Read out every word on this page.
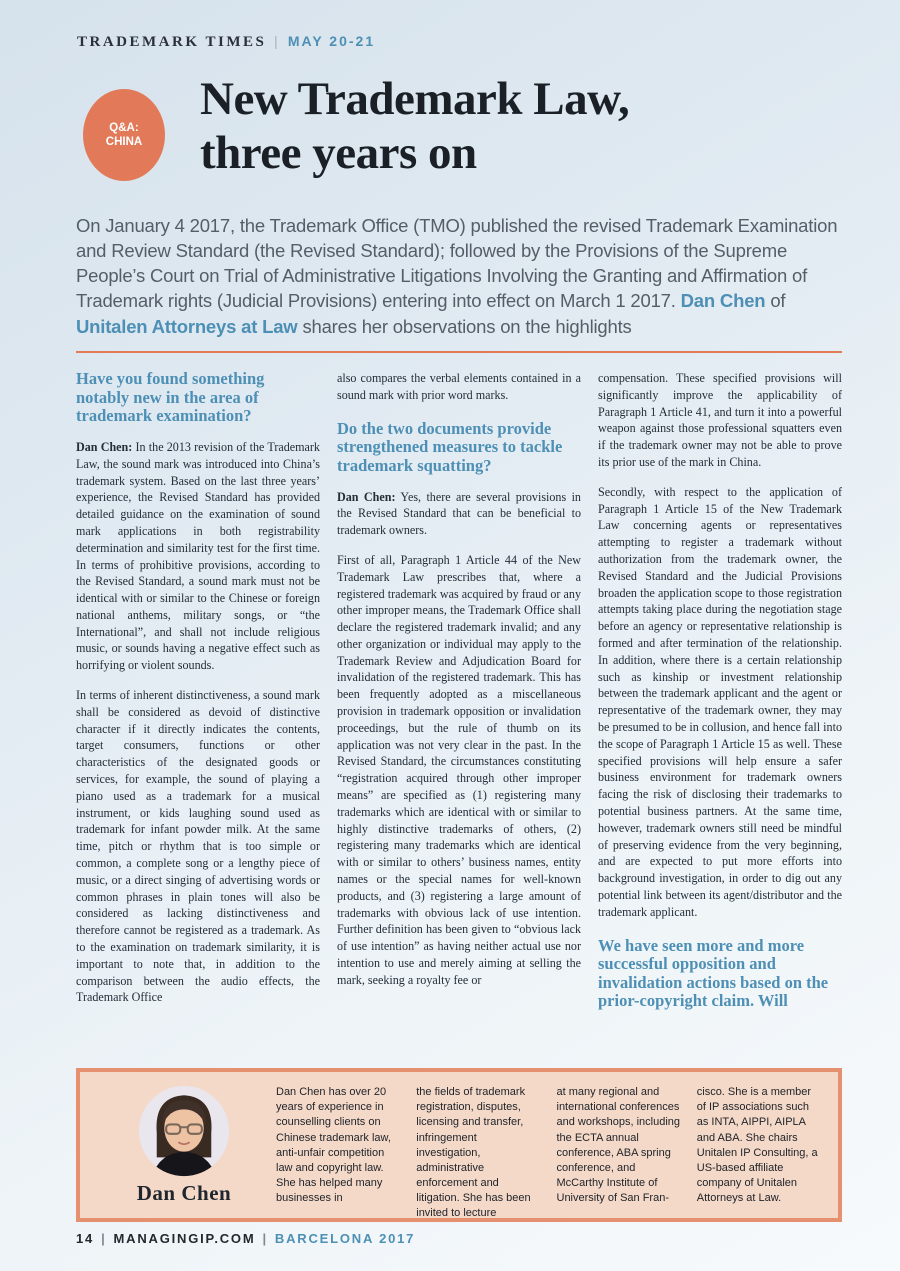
TRADEMARK TIMES | MAY 20-21
Q&A:
CHINA
New Trademark Law,
three years on
On January 4 2017, the Trademark Office (TMO) published the revised Trademark Examination and Review Standard (the Revised Standard); followed by the Provisions of the Supreme People’s Court on Trial of Administrative Litigations Involving the Granting and Affirmation of Trademark rights (Judicial Provisions) entering into effect on March 1 2017. Dan Chen of Unitalen Attorneys at Law shares her observations on the highlights
Have you found something notably new in the area of trademark examination?

Dan Chen: In the 2013 revision of the Trademark Law, the sound mark was introduced into China’s trademark system. Based on the last three years’ experience, the Revised Standard has provided detailed guidance on the examination of sound mark applications in both registrability determination and similarity test for the first time. In terms of prohibitive provisions, according to the Revised Standard, a sound mark must not be identical with or similar to the Chinese or foreign national anthems, military songs, or “the International”, and shall not include religious music, or sounds having a negative effect such as horrifying or violent sounds.

In terms of inherent distinctiveness, a sound mark shall be considered as devoid of distinctive character if it directly indicates the contents, target consumers, functions or other characteristics of the designated goods or services, for example, the sound of playing a piano used as a trademark for a musical instrument, or kids laughing sound used as trademark for infant powder milk. At the same time, pitch or rhythm that is too simple or common, a complete song or a lengthy piece of music, or a direct singing of advertising words or common phrases in plain tones will also be considered as lacking distinctiveness and therefore cannot be registered as a trademark. As to the examination on trademark similarity, it is important to note that, in addition to the comparison between the audio effects, the Trademark Office

also compares the verbal elements contained in a sound mark with prior word marks.

Do the two documents provide strengthened measures to tackle trademark squatting?

Dan Chen: Yes, there are several provisions in the Revised Standard that can be beneficial to trademark owners.

First of all, Paragraph 1 Article 44 of the New Trademark Law prescribes that, where a registered trademark was acquired by fraud or any other improper means, the Trademark Office shall declare the registered trademark invalid; and any other organization or individual may apply to the Trademark Review and Adjudication Board for invalidation of the registered trademark. This has been frequently adopted as a miscellaneous provision in trademark opposition or invalidation proceedings, but the rule of thumb on its application was not very clear in the past. In the Revised Standard, the circumstances constituting “registration acquired through other improper means” are specified as (1) registering many trademarks which are identical with or similar to highly distinctive trademarks of others, (2) registering many trademarks which are identical with or similar to others’ business names, entity names or the special names for well-known products, and (3) registering a large amount of trademarks with obvious lack of use intention. Further definition has been given to “obvious lack of use intention” as having neither actual use nor intention to use and merely aiming at selling the mark, seeking a royalty fee or

compensation. These specified provisions will significantly improve the applicability of Paragraph 1 Article 41, and turn it into a powerful weapon against those professional squatters even if the trademark owner may not be able to prove its prior use of the mark in China.

Secondly, with respect to the application of Paragraph 1 Article 15 of the New Trademark Law concerning agents or representatives attempting to register a trademark without authorization from the trademark owner, the Revised Standard and the Judicial Provisions broaden the application scope to those registration attempts taking place during the negotiation stage before an agency or representative relationship is formed and after termination of the relationship. In addition, where there is a certain relationship such as kinship or investment relationship between the trademark applicant and the agent or representative of the trademark owner, they may be presumed to be in collusion, and hence fall into the scope of Paragraph 1 Article 15 as well. These specified provisions will help ensure a safer business environment for trademark owners facing the risk of disclosing their trademarks to potential business partners. At the same time, however, trademark owners still need be mindful of preserving evidence from the very beginning, and are expected to put more efforts into background investigation, in order to dig out any potential link between its agent/distributor and the trademark applicant.

We have seen more and more successful opposition and invalidation actions based on the prior-copyright claim. Will
Dan Chen
Dan Chen has over 20 years of experience in counselling clients on Chinese trademark law, anti-unfair competition law and copyright law. She has helped many businesses in
the fields of trademark registration, disputes, licensing and transfer, infringement investigation, administrative enforcement and litigation. She has been invited to lecture
at many regional and international conferences and workshops, including the ECTA annual conference, ABA spring conference, and McCarthy Institute of University of San Fran-
cisco. She is a member of IP associations such as INTA, AIPPI, AIPLA and ABA. She chairs Unitalen IP Consulting, a US-based affiliate company of Unitalen Attorneys at Law.
14 | MANAGINGIP.COM | BARCELONA 2017
